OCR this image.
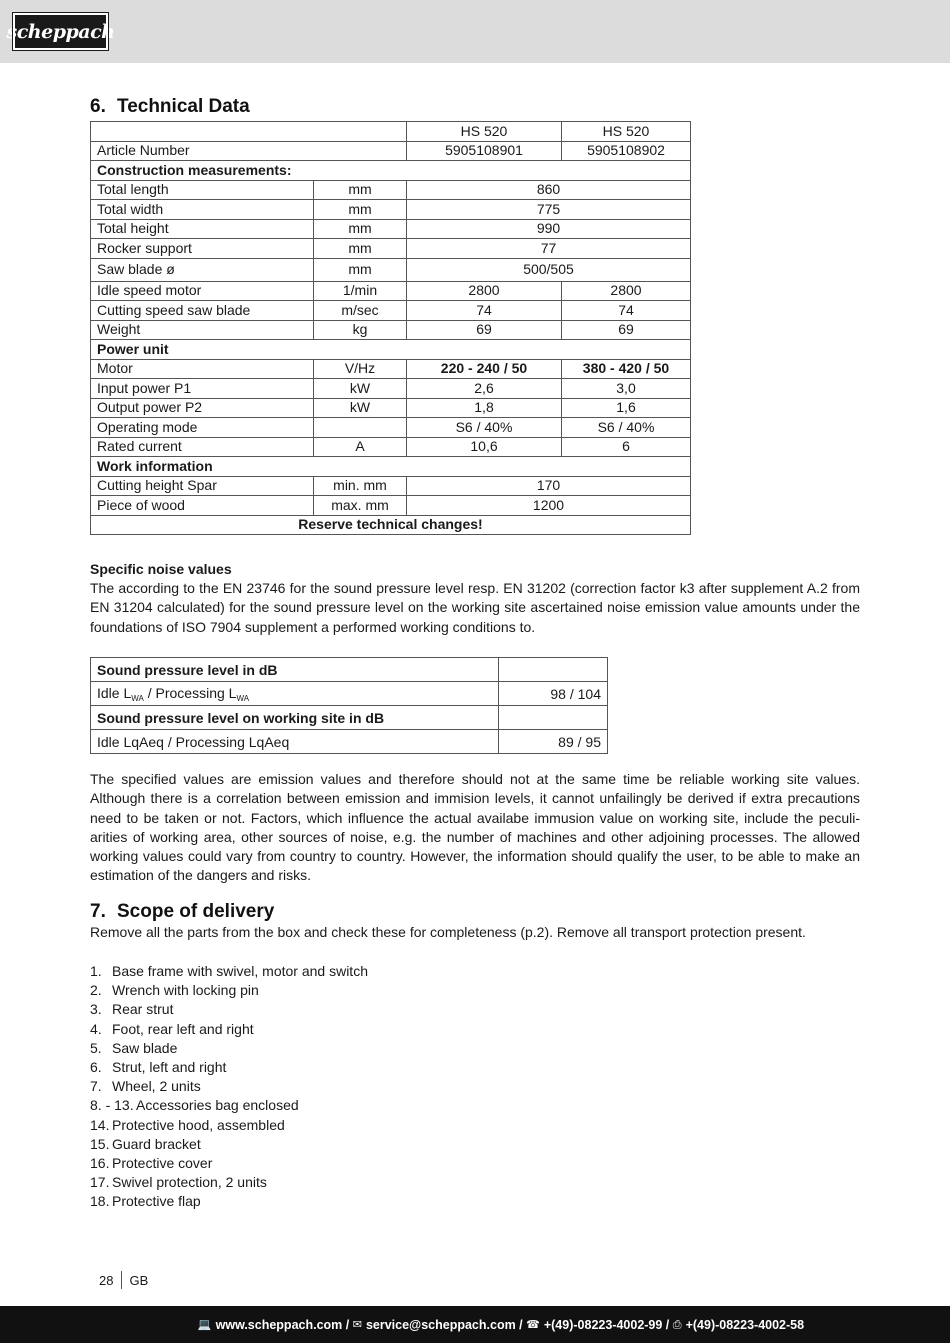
scheppach
6. Technical Data
		HS 520	HS 520
Article Number		5905108901	5905108902
Construction measurements:			
Total length	mm	860	
Total width	mm	775	
Total height	mm	990	
Rocker support	mm	77	
Saw blade ø	mm	500/505	
Idle speed motor	1/min	2800	2800
Cutting speed saw blade	m/sec	74	74
Weight	kg	69	69
Power unit			
Motor	V/Hz	220 - 240 / 50	380 - 420 / 50
Input power P1	kW	2,6	3,0
Output power P2	kW	1,8	1,6
Operating mode		S6 / 40%	S6 / 40%
Rated current	A	10,6	6
Work information			
Cutting height Spar	min. mm	170	
Piece of wood	max. mm	1200	
Reserve technical changes!			
Specific noise values
The according to the EN 23746 for the sound pressure level resp. EN 31202 (correction factor k3 after supplement A.2 from EN 31204 calculated) for the sound pressure level on the working site ascertained noise emission value amounts under the foundations of ISO 7904 supplement a performed working conditions to.
Sound pressure level in dB	
Idle $L_{WA}$ / Processing $L_{WA}$	98 / 104
Sound pressure level on working site in dB	
Idle LqAeq / Processing LqAeq	89 / 95
The specified values are emission values and therefore should not at the same time be reliable working site values. Although there is a correlation between emission and immision levels, it cannot unfailingly be derived if extra precautions need to be taken or not. Factors, which influence the actual availabe immusion value on working site, include the peculi-arities of working area, other sources of noise, e.g. the number of machines and other adjoining processes. The allowed working values could vary from country to country. However, the information should qualify the user, to be able to make an estimation of the dangers and risks.
7. Scope of delivery
Remove all the parts from the box and check these for completeness (p.2). Remove all transport protection present.
1. Base frame with swivel, motor and switch
2. Wrench with locking pin
3. Rear strut
4. Foot, rear left and right
5. Saw blade
6. Strut, left and right
7. Wheel, 2 units
8. - 13. Accessories bag enclosed
14. Protective hood, assembled
15. Guard bracket
16. Protective cover
17. Swivel protection, 2 units
18. Protective flap
28 GB
💻 www.scheppach.com /
✉ service@scheppach.com /
☎ +(49)-08223-4002-99 /
⎙ +(49)-08223-4002-58
